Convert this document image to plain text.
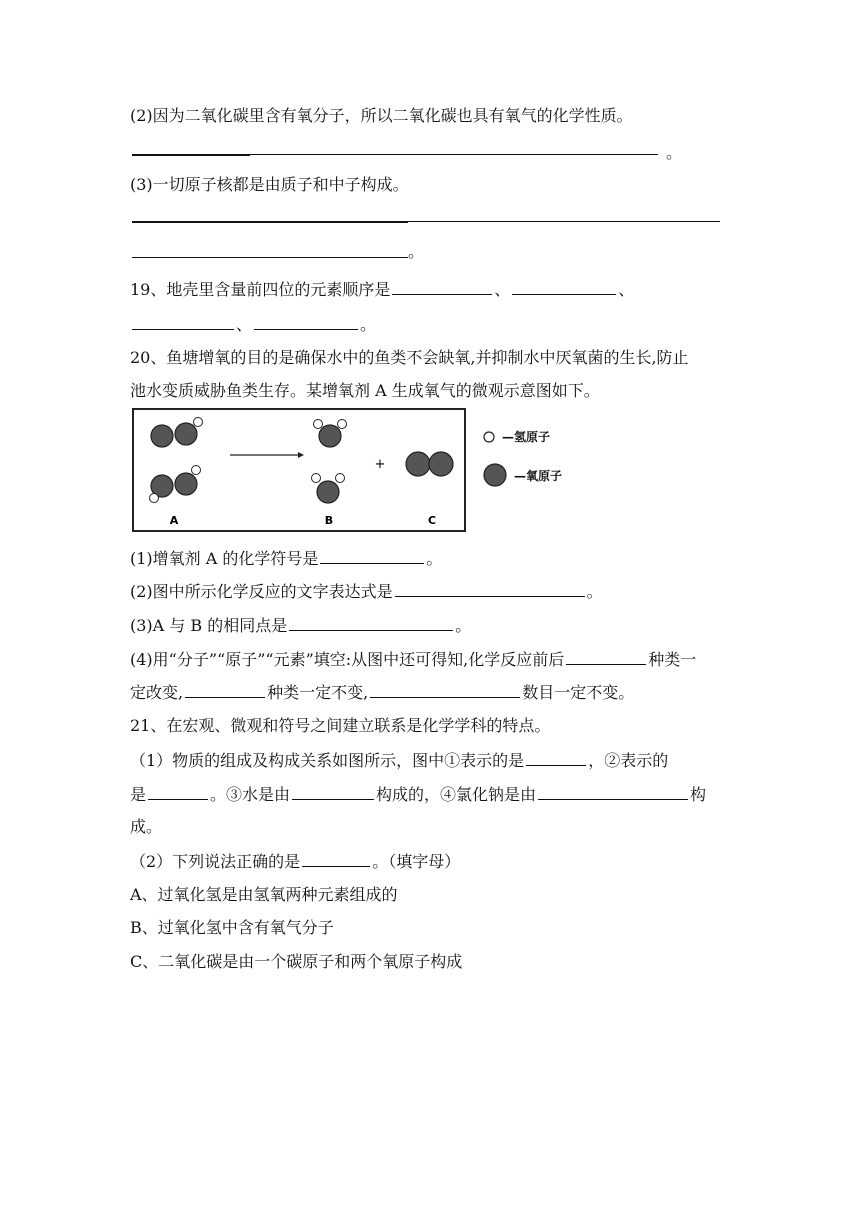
(2)因为二氧化碳里含有氧分子，所以二氧化碳也具有氧气的化学性质。
。
(3)一切原子核都是由质子和中子构成。
。
19、地壳里含量前四位的元素顺序是	、	、
、	。
20、鱼塘增氧的目的是确保水中的鱼类不会缺氧,并抑制水中厌氧菌的生长,防止
池水变质威胁鱼类生存。某增氧剂 A 生成氧气的微观示意图如下。
+
A	B	C
—氢原子
—氧原子
(1)增氧剂 A 的化学符号是	。
(2)图中所示化学反应的文字表达式是	。
(3)A 与 B 的相同点是	。
(4)用“分子”“原子”“元素”填空:从图中还可得知,化学反应前后	种类一
定改变,	种类一定不变,	数目一定不变。
21、在宏观、微观和符号之间建立联系是化学学科的特点。
（1）物质的组成及构成关系如图所示，图中①表示的是	，②表示的
是	。③水是由	构成的，④氯化钠是由	构
成。
（2）下列说法正确的是	。（填字母）
A、过氧化氢是由氢氧两种元素组成的
B、过氧化氢中含有氧气分子
C、二氧化碳是由一个碳原子和两个氧原子构成
